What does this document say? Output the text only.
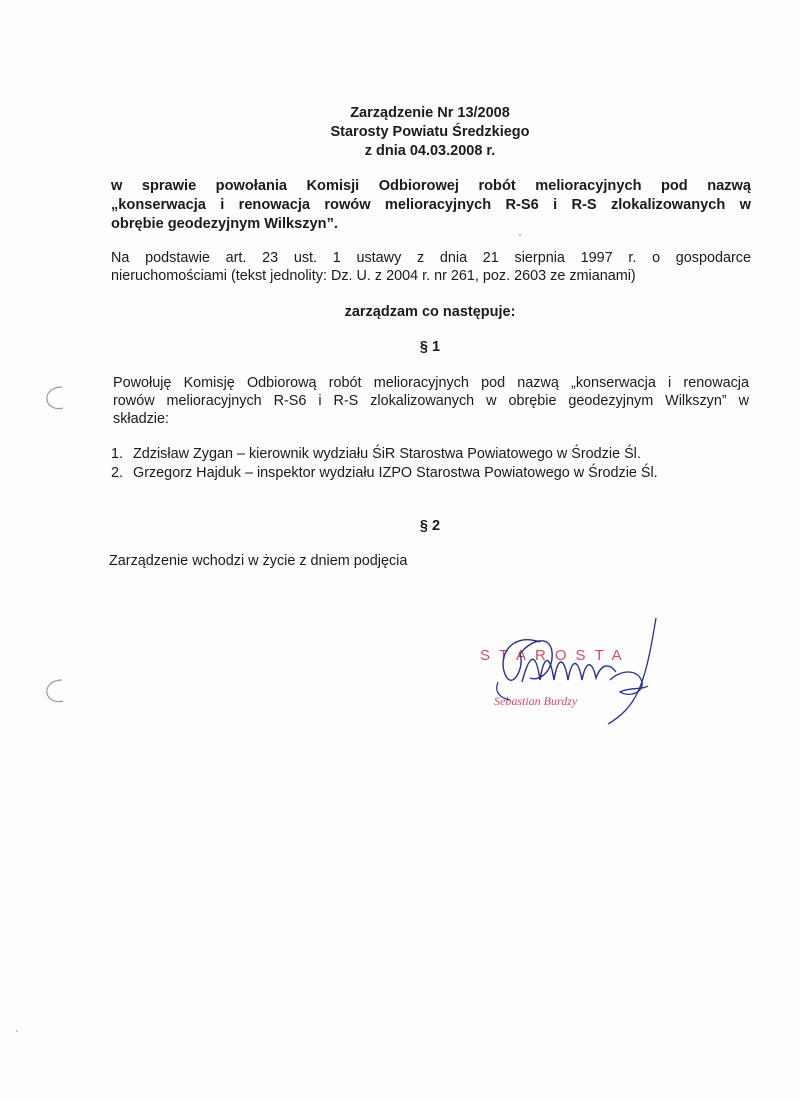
Zarządzenie Nr 13/2008
Starosty Powiatu Średzkiego
z dnia 04.03.2008 r.
w sprawie powołania Komisji Odbiorowej robót melioracyjnych pod nazwą
„konserwacja i renowacja rowów melioracyjnych R-S6 i R-S zlokalizowanych w
obrębie geodezyjnym Wilkszyn”.
Na podstawie art. 23 ust. 1 ustawy z dnia 21 sierpnia 1997 r. o gospodarce
nieruchomościami (tekst jednolity: Dz. U. z 2004 r. nr 261, poz. 2603 ze zmianami)
zarządzam co następuje:
§ 1
Powołuję Komisję Odbiorową robót melioracyjnych pod nazwą „konserwacja i renowacja
rowów melioracyjnych R-S6 i R-S zlokalizowanych w obrębie geodezyjnym Wilkszyn” w
składzie:
1. Zdzisław Zygan – kierownik wydziału ŚiR Starostwa Powiatowego w Środzie Śl.
2. Grzegorz Hajduk – inspektor wydziału IZPO Starostwa Powiatowego w Środzie Śl.
§ 2
Zarządzenie wchodzi w życie z dniem podjęcia
STAROSTA
Sebastian Burdzy
